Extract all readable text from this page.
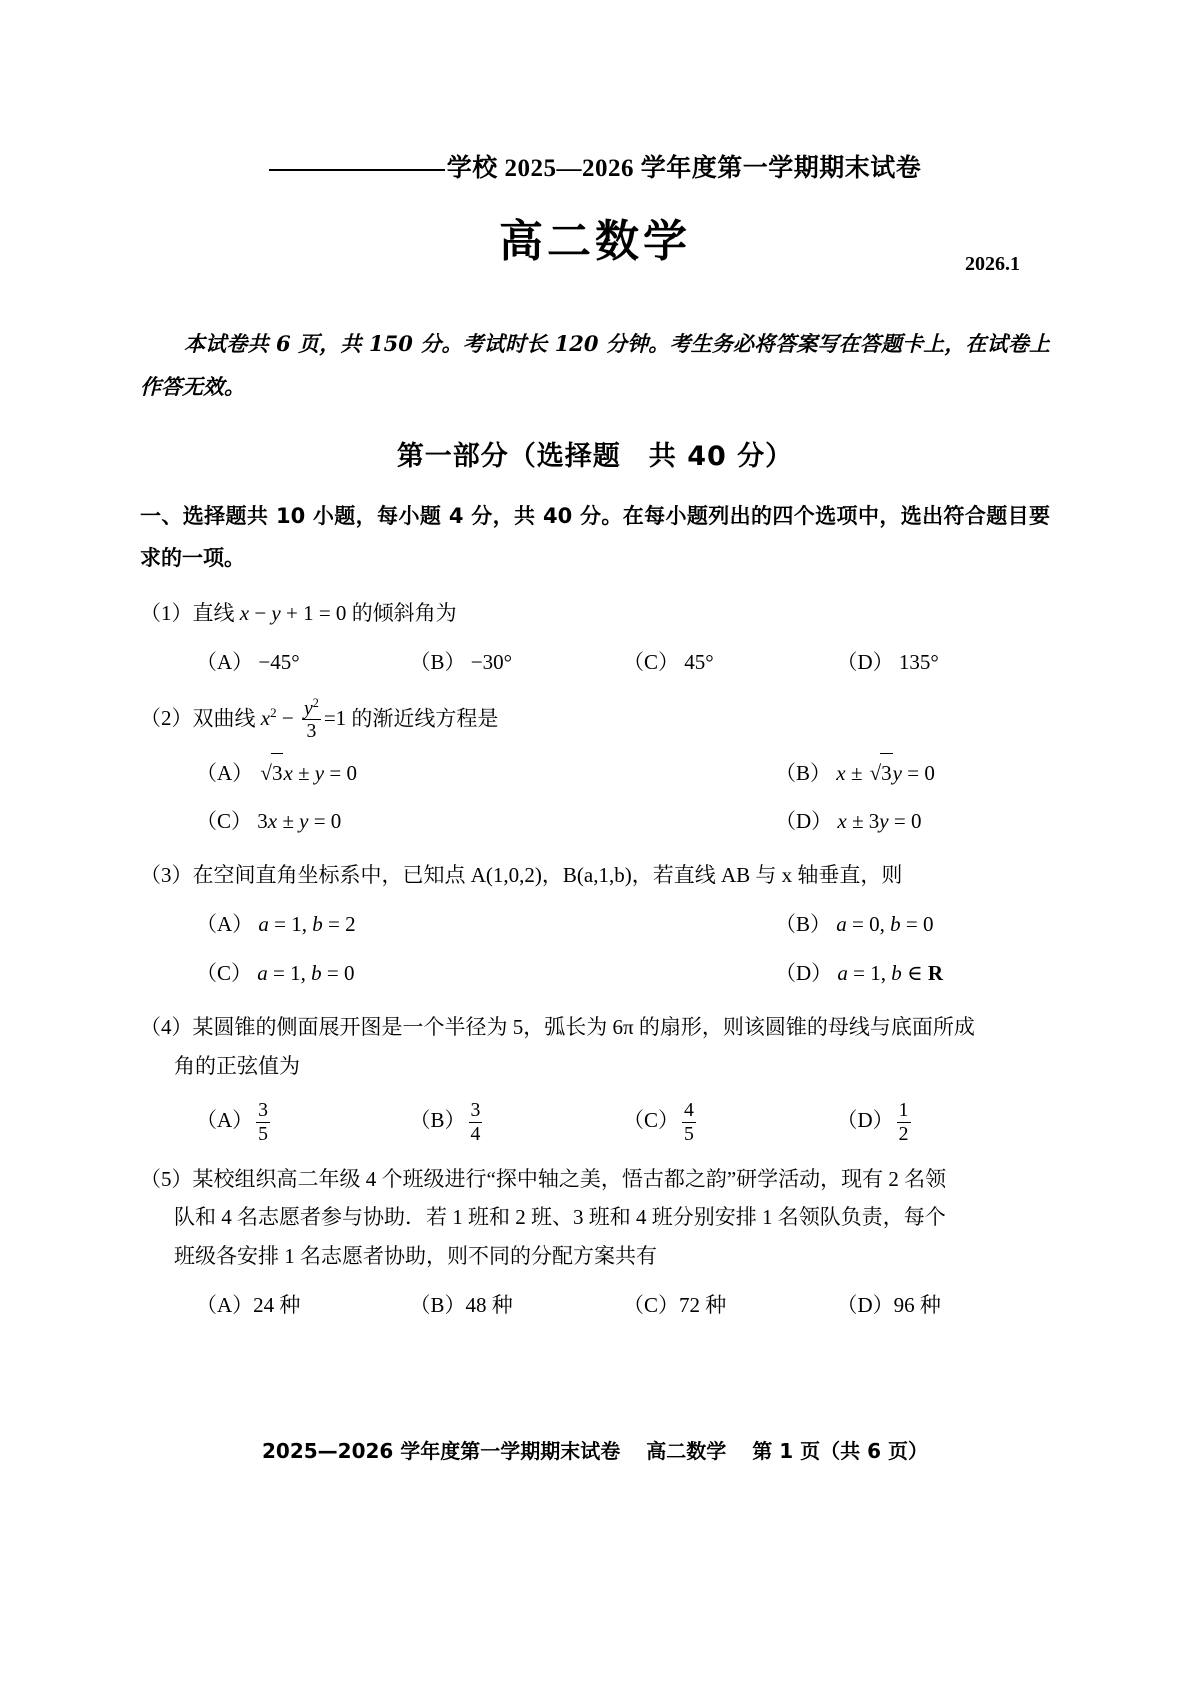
学校 2025—2026 学年度第一学期期末试卷
高二数学	2026.1
本试卷共 6 页，共 150 分。考试时长 120 分钟。考生务必将答案写在答题卡上，在试卷上作答无效。
第一部分（选择题　共 40 分）
一、选择题共 10 小题，每小题 4 分，共 40 分。在每小题列出的四个选项中，选出符合题目要求的一项。
（1）直线 x − y + 1 = 0 的倾斜角为
（A） −45°	（B） −30°	（C） 45°	（D） 135°
（2）双曲线 $x^2 - \frac{y^2}{3} =1$ 的渐近线方程是
（A） √3x ± y = 0	（B） x ± √3y = 0
（C） 3x ± y = 0	（D） x ± 3y = 0
（3）在空间直角坐标系中，已知点 A(1,0,2)，B(a,1,b)，若直线 AB 与 x 轴垂直，则
（A） a = 1, b = 2	（B） a = 0, b = 0
（C） a = 1, b = 0	（D） a = 1, b ∈ R
（4）某圆锥的侧面展开图是一个半径为 5，弧长为 6π 的扇形，则该圆锥的母线与底面所成
角的正弦值为
$(A) \frac{3}{5}$	$(B) \frac{3}{4}$	$(C) \frac{4}{5}$	$(D) \frac{1}{2}$
（5）某校组织高二年级 4 个班级进行“探中轴之美，悟古都之韵”研学活动，现有 2 名领
队和 4 名志愿者参与协助．若 1 班和 2 班、3 班和 4 班分别安排 1 名领队负责，每个
班级各安排 1 名志愿者协助，则不同的分配方案共有
（A）24 种	（B）48 种	（C）72 种	（D）96 种
2025—2026 学年度第一学期期末试卷 高二数学 第 1 页（共 6 页）
